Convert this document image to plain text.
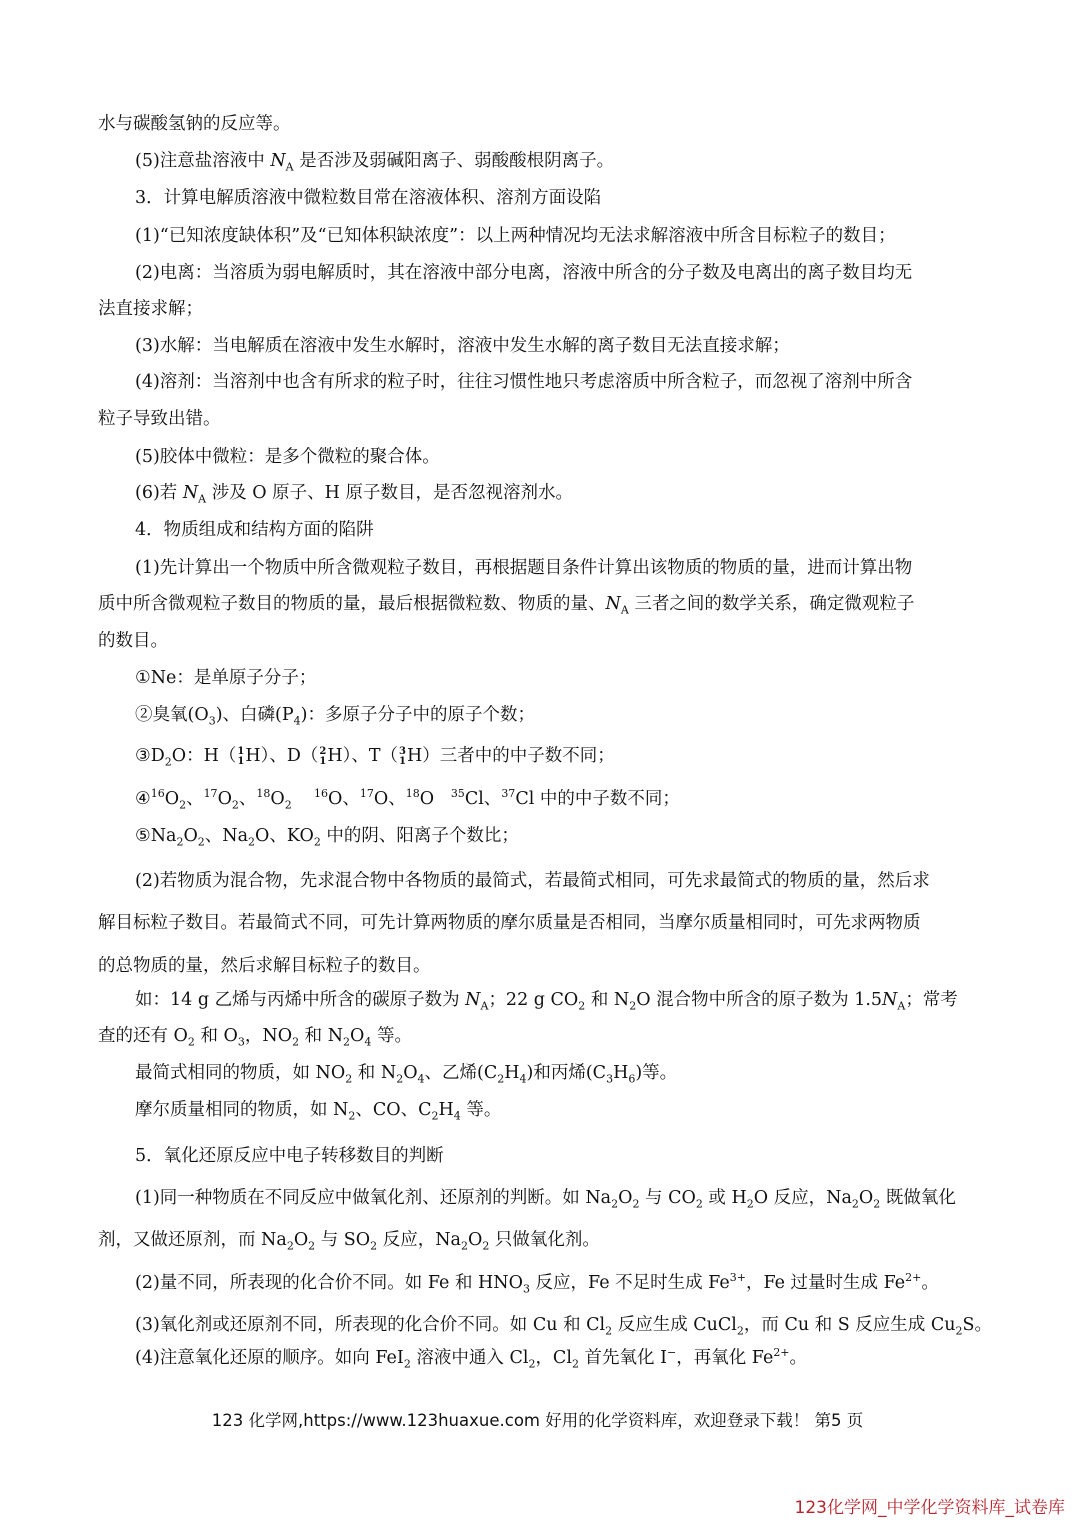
水与碳酸氢钠的反应等。
(5)注意盐溶液中 $N_A$ 是否涉及弱碱阳离子、弱酸酸根阴离子。
3．计算电解质溶液中微粒数目常在溶液体积、溶剂方面设陷
(1)“已知浓度缺体积”及“已知体积缺浓度”：以上两种情况均无法求解溶液中所含目标粒子的数目；
(2)电离：当溶质为弱电解质时，其在溶液中部分电离，溶液中所含的分子数及电离出的离子数目均无
法直接求解；
(3)水解：当电解质在溶液中发生水解时，溶液中发生水解的离子数目无法直接求解；
(4)溶剂：当溶剂中也含有所求的粒子时，往往习惯性地只考虑溶质中所含粒子，而忽视了溶剂中所含
粒子导致出错。
(5)胶体中微粒：是多个微粒的聚合体。
(6)若 $N_A$ 涉及 O 原子、H 原子数目，是否忽视溶剂水。
4．物质组成和结构方面的陷阱
(1)先计算出一个物质中所含微观粒子数目，再根据题目条件计算出该物质的物质的量，进而计算出物
质中所含微观粒子数目的物质的量，最后根据微粒数、物质的量、$N_A$ 三者之间的数学关系，确定微观粒子
的数目。
①Ne：是单原子分子；
②臭氧$(O_3)$、白磷$(P_4)$：多原子分子中的原子个数；
$③D_2O$：H（ 1
1 H）、D（ 2
1 H）、T（ 3
1 H）三者中的中子数不同；
$④^{16}O_2$、$^{17}O_2$、$^{18}O_2$    $^{16}$O、$^{17}$O、$^{18}$O   $^{35}$Cl、$^{37}$Cl 中的中子数不同；
$⑤Na_2O_2$、$Na_2O$、$KO_2$ 中的阴、阳离子个数比；
(2)若物质为混合物，先求混合物中各物质的最简式，若最简式相同，可先求最简式的物质的量，然后求
解目标粒子数目。若最简式不同，可先计算两物质的摩尔质量是否相同，当摩尔质量相同时，可先求两物质
的总物质的量，然后求解目标粒子的数目。
如：14 g 乙烯与丙烯中所含的碳原子数为 $N_A$；22 g $CO_2$ 和 $N_2O$ 混合物中所含的原子数为 $1.5N_A$；常考
查的还有 $O_2$ 和 $O_3$，$NO_2$ 和 $N_2O_4$ 等。
最简式相同的物质，如 $NO_2$ 和 $N_2O_4$、乙烯$(C_2H_4)$和丙烯$(C_3H_6)$等。
摩尔质量相同的物质，如 $N_2$、CO、$C_2H_4$ 等。
5．氧化还原反应中电子转移数目的判断
(1)同一种物质在不同反应中做氧化剂、还原剂的判断。如 $Na_2O_2$ 与 $CO_2$ 或 $H_2O$ 反应，$Na_2O_2$ 既做氧化
剂，又做还原剂，而 $Na_2O_2$ 与 $SO_2$ 反应，$Na_2O_2$ 只做氧化剂。
(2)量不同，所表现的化合价不同。如 Fe 和 $HNO_3$ 反应，Fe 不足时生成 $Fe^{3+}$，Fe 过量时生成 $Fe^{2+}$。
(3)氧化剂或还原剂不同，所表现的化合价不同。如 Cu 和 $Cl_2$ 反应生成 CuCl$_2$，而 Cu 和 S 反应生成 $Cu_2S$。
(4)注意氧化还原的顺序。如向 FeI$_2$ 溶液中通入 $Cl_2$，$Cl_2$ 首先氧化 I−，再氧化 $Fe^{2+}$。
123 化学网,https://www.123huaxue.com 好用的化学资料库，欢迎登录下载！ 第5 页
123化学网_中学化学资料库_试卷库
